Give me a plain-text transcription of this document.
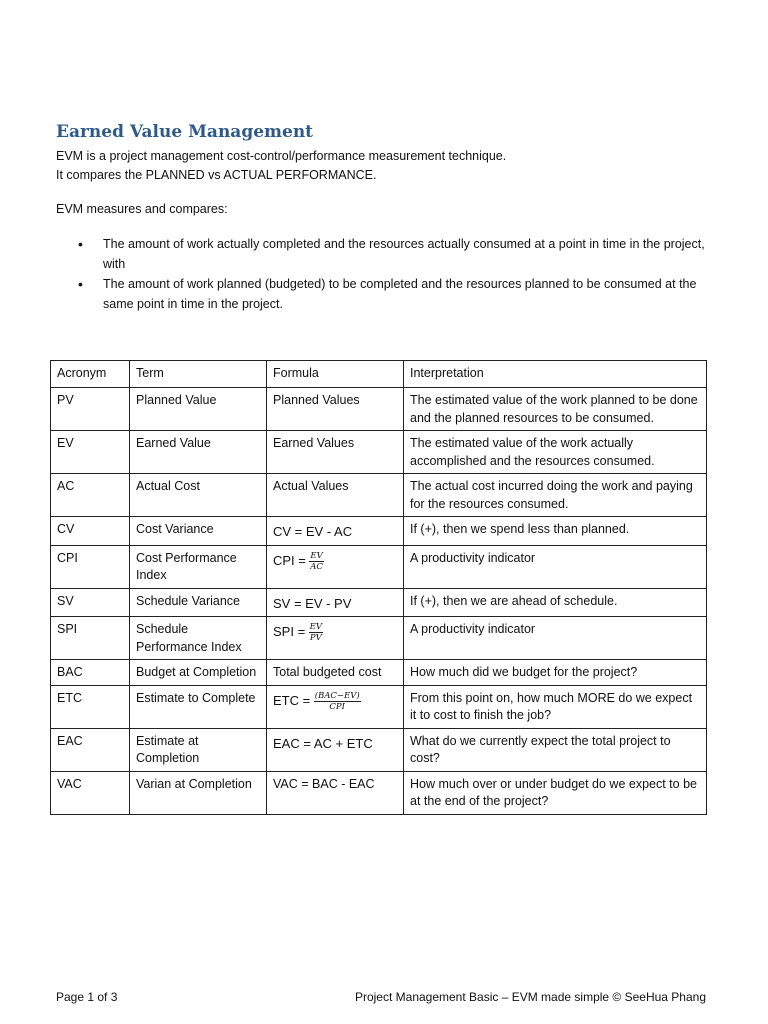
Earned Value Management
EVM is a project management cost-control/performance measurement technique.
It compares the PLANNED vs ACTUAL PERFORMANCE.
EVM measures and compares:
• The amount of work actually completed and the resources actually consumed at a point in time in the project, with
• The amount of work planned (budgeted) to be completed and the resources planned to be consumed at the same point in time in the project.
Acronym	Term	Formula	Interpretation
PV	Planned Value	Planned Values	The estimated value of the work planned to be done and the planned resources to be consumed.
EV	Earned Value	Earned Values	The estimated value of the work actually accomplished and the resources consumed.
AC	Actual Cost	Actual Values	The actual cost incurred doing the work and paying for the resources consumed.
CV	Cost Variance	CV = EV - AC	If (+), then we spend less than planned.
CPI	Cost Performance Index	CPI = $\frac{EV}{AC}$	A productivity indicator
SV	Schedule Variance	SV = EV - PV	If (+), then we are ahead of schedule.
SPI	Schedule Performance Index	SPI = $\frac{EV}{PV}$	A productivity indicator
BAC	Budget at Completion	Total budgeted cost	How much did we budget for the project?
ETC	Estimate to Complete	ETC = $\frac{\text{(BAC−EV)}}{\text{CPI}}$	From this point on, how much MORE do we expect it to cost to finish the job?
EAC	Estimate at Completion	EAC = AC + ETC	What do we currently expect the total project to cost?
VAC	Varian at Completion	VAC = BAC - EAC	How much over or under budget do we expect to be at the end of the project?
Page 1 of 3	Project Management Basic – EVM made simple © SeeHua Phang
